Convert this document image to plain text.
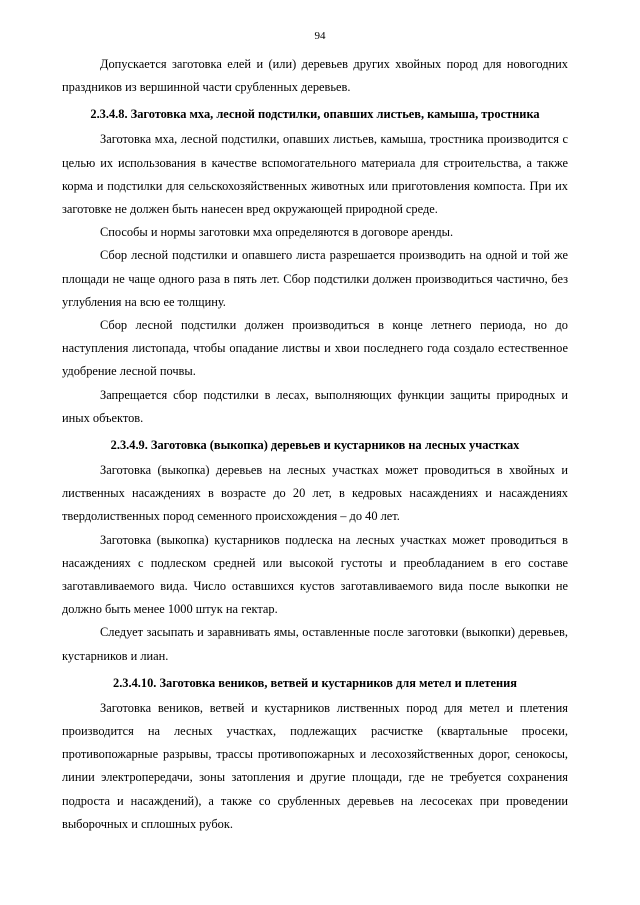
94

Допускается заготовка елей и (или) деревьев других хвойных пород для новогодних праздников из вершинной части срубленных деревьев.

2.3.4.8. Заготовка мха, лесной подстилки, опавших листьев, камыша, тростника

Заготовка мха, лесной подстилки, опавших листьев, камыша, тростника производится с целью их использования в качестве вспомогательного материала для строительства, а также корма и подстилки для сельскохозяйственных животных или приготовления компоста. При их заготовке не должен быть нанесен вред окружающей природной среде.

Способы и нормы заготовки мха определяются в договоре аренды.

Сбор лесной подстилки и опавшего листа разрешается производить на одной и той же площади не чаще одного раза в пять лет. Сбор подстилки должен производиться частично, без углубления на всю ее толщину.

Сбор лесной подстилки должен производиться в конце летнего периода, но до наступления листопада, чтобы опадание листвы и хвои последнего года создало естественное удобрение лесной почвы.

Запрещается сбор подстилки в лесах, выполняющих функции защиты природных и иных объектов.

2.3.4.9. Заготовка (выкопка) деревьев и кустарников на лесных участках

Заготовка (выкопка) деревьев на лесных участках может проводиться в хвойных и лиственных насаждениях в возрасте до 20 лет, в кедровых насаждениях и насаждениях твердолиственных пород семенного происхождения – до 40 лет.

Заготовка (выкопка) кустарников подлеска на лесных участках может проводиться в насаждениях с подлеском средней или высокой густоты и преобладанием в его составе заготавливаемого вида. Число оставшихся кустов заготавливаемого вида после выкопки не должно быть менее 1000 штук на гектар.

Следует засыпать и заравнивать ямы, оставленные после заготовки (выкопки) деревьев, кустарников и лиан.

2.3.4.10. Заготовка веников, ветвей и кустарников для метел и плетения

Заготовка веников, ветвей и кустарников лиственных пород для метел и плетения производится на лесных участках, подлежащих расчистке (квартальные просеки, противопожарные разрывы, трассы противопожарных и лесохозяйственных дорог, сенокосы, линии электропередачи, зоны затопления и другие площади, где не требуется сохранения подроста и насаждений), а также со срубленных деревьев на лесосеках при проведении выборочных и сплошных рубок.
